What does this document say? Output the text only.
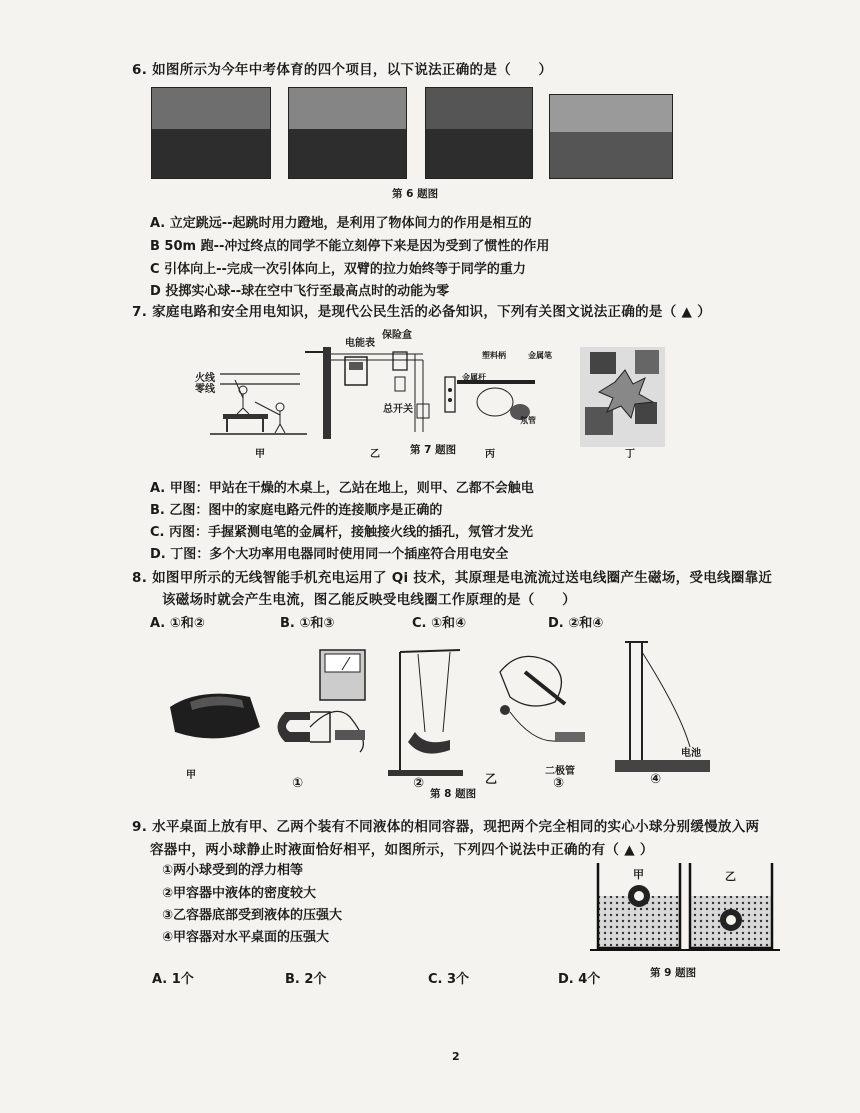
6. 如图所示为今年中考体育的四个项目，以下说法正确的是（　　）
第 6 题图
A. 立定跳远--起跳时用力蹬地，是利用了物体间力的作用是相互的
B 50m 跑--冲过终点的同学不能立刻停下来是因为受到了惯性的作用
C 引体向上--完成一次引体向上，双臂的拉力始终等于同学的重力
D 投掷实心球--球在空中飞行至最高点时的动能为零
7. 家庭电路和安全用电知识，是现代公民生活的必备知识，下列有关图文说法正确的是（ ▲ ）
火线
零线
电能表
保险盒
总开关
塑料柄
金属杆
金属笔
氖管
甲	乙	第 7 题图	丙	丁
A. 甲图：甲站在干燥的木桌上，乙站在地上，则甲、乙都不会触电
B. 乙图：图中的家庭电路元件的连接顺序是正确的
C. 丙图：手握紧测电笔的金属杆，接触接火线的插孔，氖管才发光
D. 丁图：多个大功率用电器同时使用同一个插座符合用电安全
8. 如图甲所示的无线智能手机充电运用了 Qi 技术，其原理是电流流过送电线圈产生磁场，受电线圈靠近
该磁场时就会产生电流，图乙能反映受电线圈工作原理的是（　　）
A. ①和②	B. ①和③	C. ①和④	D. ②和④
甲
①	②	乙
二极管
③
电池
④
第 8 题图
9. 水平桌面上放有甲、乙两个装有不同液体的相同容器，现把两个完全相同的实心小球分别缓慢放入两
容器中，两小球静止时液面恰好相平，如图所示，下列四个说法中正确的有（ ▲ ）
①两小球受到的浮力相等
②甲容器中液体的密度较大
③乙容器底部受到液体的压强大
④甲容器对水平桌面的压强大
甲	乙
第 9 题图
A. 1个	B. 2个	C. 3个	D. 4个
2
